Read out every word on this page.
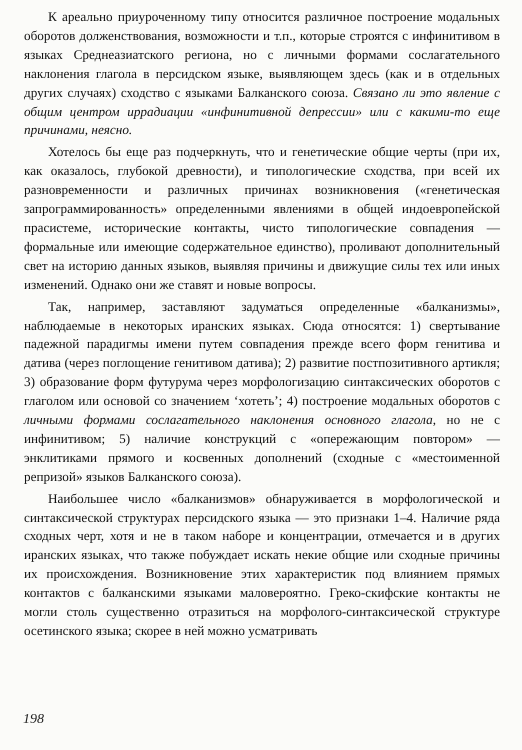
К ареально приуроченному типу относится различное построение модальных оборотов долженствования, возможности и т.п., которые строятся с инфинитивом в языках Среднеазиатского региона, но с личными формами сослагательного наклонения глагола в персидском языке, выявляющем здесь (как и в отдельных других случаях) сходство с языками Балканского союза. Связано ли это явление с общим центром иррадиации «инфинитивной депрессии» или с какими-то еще причинами, неясно.

Хотелось бы еще раз подчеркнуть, что и генетические общие черты (при их, как оказалось, глубокой древности), и типологические сходства, при всей их разновременности и различных причинах возникновения («генетическая запрограммированность» определенными явлениями в общей индоевропейской прасистеме, исторические контакты, чисто типологические совпадения — формальные или имеющие содержательное единство), проливают дополнительный свет на историю данных языков, выявляя причины и движущие силы тех или иных изменений. Однако они же ставят и новые вопросы.

Так, например, заставляют задуматься определенные «балканизмы», наблюдаемые в некоторых иранских языках. Сюда относятся: 1) свертывание падежной парадигмы имени путем совпадения прежде всего форм генитива и датива (через поглощение генитивом датива); 2) развитие постпозитивного артикля; 3) образование форм футурума через морфологизацию синтаксических оборотов с глаголом или основой со значением ‘хотеть’; 4) построение модальных оборотов с личными формами сослагательного наклонения основного глагола, но не с инфинитивом; 5) наличие конструкций с «опережающим повтором» — энклитиками прямого и косвенных дополнений (сходные с «местоименной репризой» языков Балканского союза).

Наибольшее число «балканизмов» обнаруживается в морфологической и синтаксической структурах персидского языка — это признаки 1–4. Наличие ряда сходных черт, хотя и не в таком наборе и концентрации, отмечается и в других иранских языках, что также побуждает искать некие общие или сходные причины их происхождения. Возникновение этих характеристик под влиянием прямых контактов с балканскими языками маловероятно. Греко-скифские контакты не могли столь существенно отразиться на морфолого-синтаксической структуре осетинского языка; скорее в ней можно усматривать

198
